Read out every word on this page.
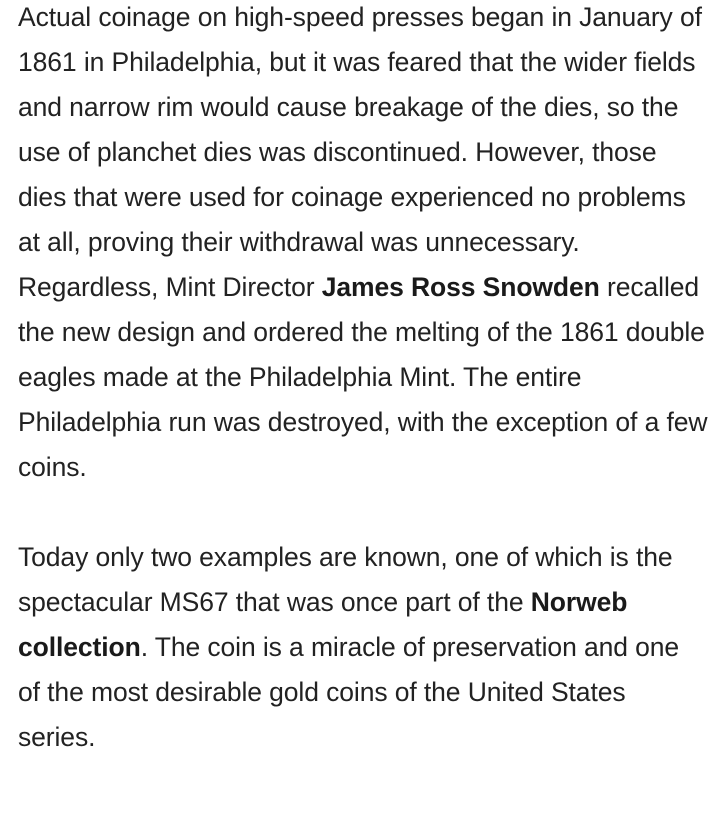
Actual coinage on high-speed presses began in January of 1861 in Philadelphia, but it was feared that the wider fields and narrow rim would cause breakage of the dies, so the use of planchet dies was discontinued. However, those dies that were used for coinage experienced no problems at all, proving their withdrawal was unnecessary. Regardless, Mint Director James Ross Snowden recalled the new design and ordered the melting of the 1861 double eagles made at the Philadelphia Mint. The entire Philadelphia run was destroyed, with the exception of a few coins.

Today only two examples are known, one of which is the spectacular MS67 that was once part of the Norweb collection. The coin is a miracle of preservation and one of the most desirable gold coins of the United States series.
